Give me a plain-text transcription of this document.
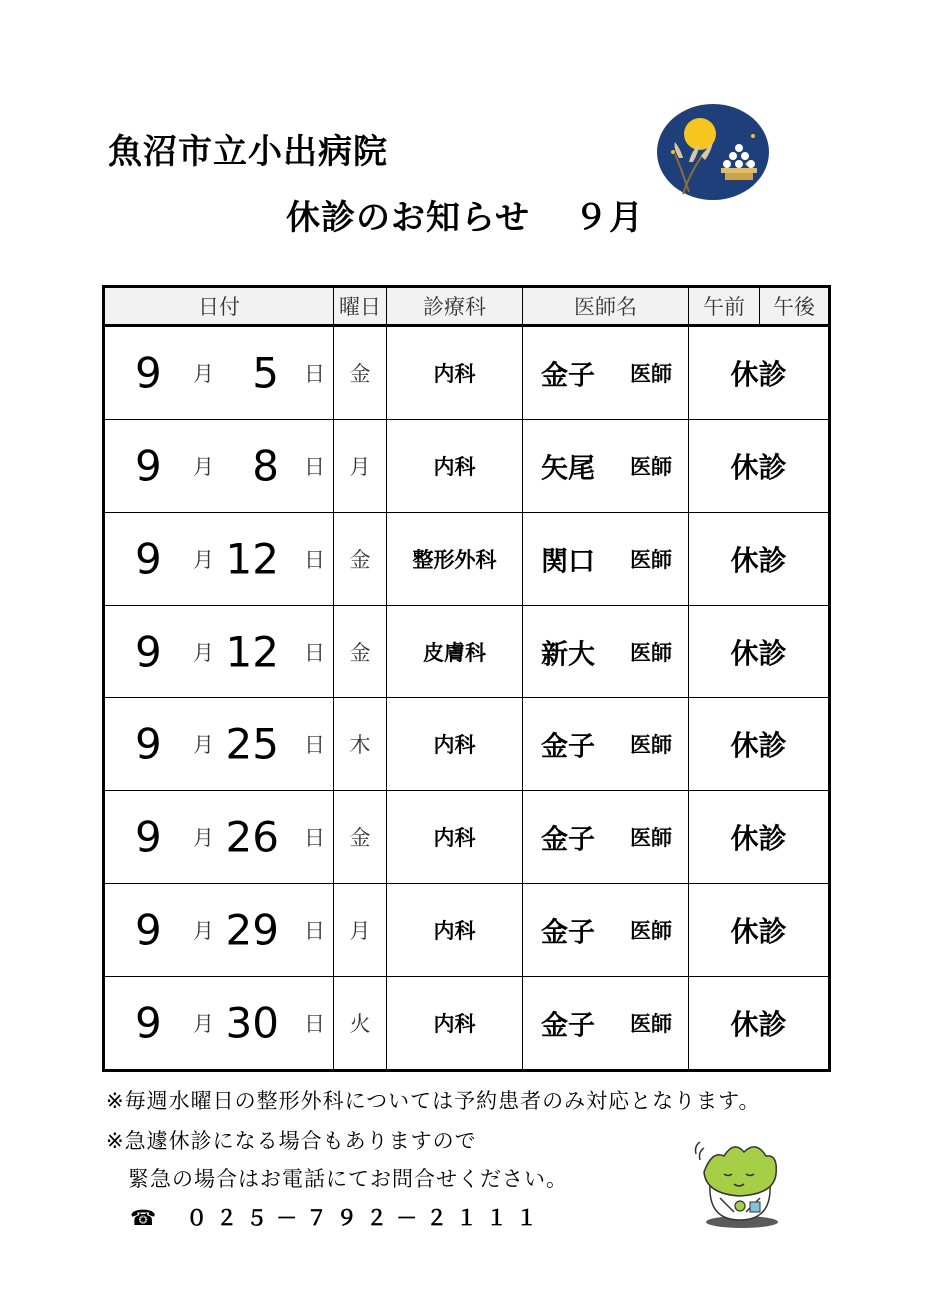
魚沼市立小出病院
休診のお知らせ ９月
日付	曜日	診療科	医師名	午前	午後

9 月 5 日	金	内科	金子 医師	休診	

9 月 8 日	月	内科	矢尾 医師	休診	

9 月 12 日	金	整形外科	関口 医師	休診	

9 月 12 日	金	皮膚科	新大 医師	休診	

9 月 25 日	木	内科	金子 医師	休診	

9 月 26 日	金	内科	金子 医師	休診	

9 月 29 日	月	内科	金子 医師	休診	

9 月 30 日	火	内科	金子 医師	休診	
※毎週水曜日の整形外科については予約患者のみ対応となります。
※急遽休診になる場合もありますので
緊急の場合はお電話にてお問合せください。
☎ ０２５－７９２－２１１１
